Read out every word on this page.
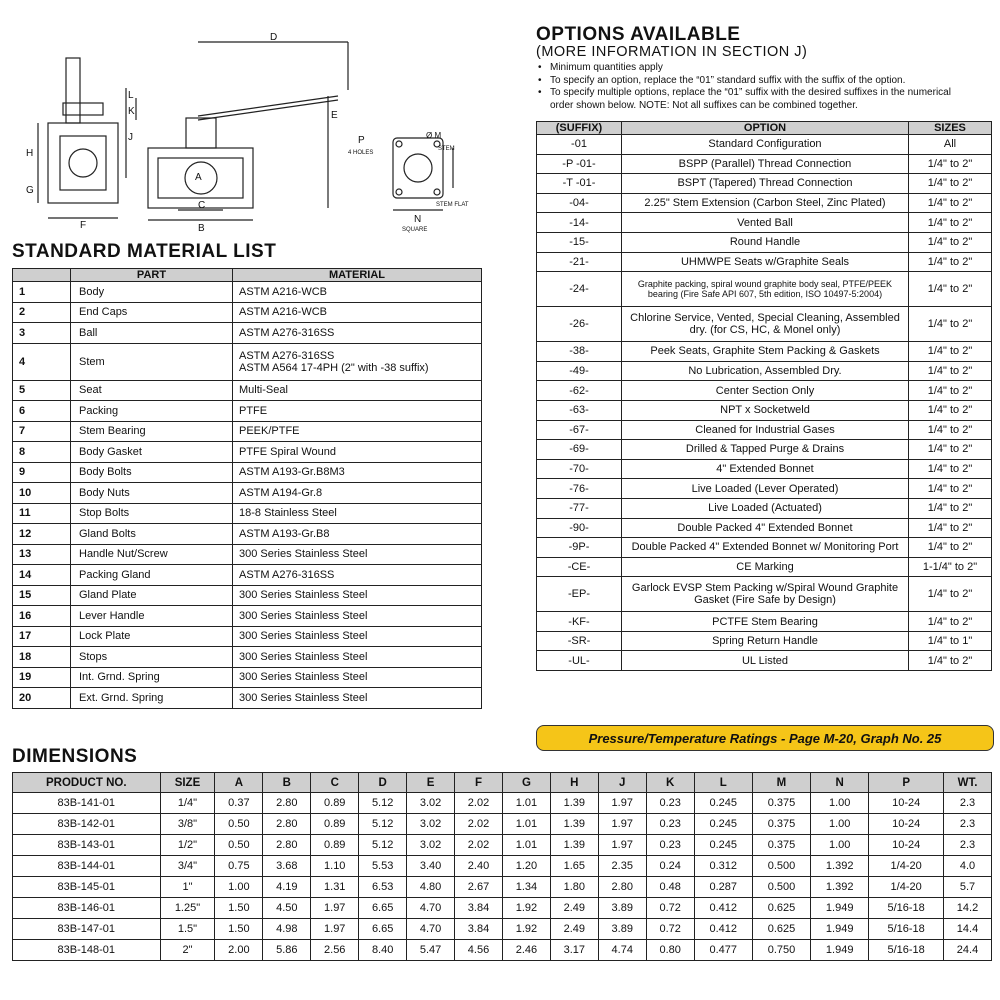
D
E
H
J
K
L
A
B
C
F
G
P
N
4 HOLES
STEM
STEM FLAT
SQUARE
Ø M
STANDARD MATERIAL LIST
	PART	MATERIAL
1	Body	ASTM A216-WCB
2	End Caps	ASTM A216-WCB
3	Ball	ASTM A276-316SS
4	Stem	ASTM A276-316SS
ASTM A564 17-4PH (2" with -38 suffix)

5	Seat	Multi-Seal
6	Packing	PTFE
7	Stem Bearing	PEEK/PTFE
8	Body Gasket	PTFE Spiral Wound
9	Body Bolts	ASTM A193-Gr.B8M3
10	Body Nuts	ASTM A194-Gr.8
11	Stop Bolts	18-8 Stainless Steel
12	Gland Bolts	ASTM A193-Gr.B8
13	Handle Nut/Screw	300 Series Stainless Steel
14	Packing Gland	ASTM A276-316SS
15	Gland Plate	300 Series Stainless Steel
16	Lever Handle	300 Series Stainless Steel
17	Lock Plate	300 Series Stainless Steel
18	Stops	300 Series Stainless Steel
19	Int. Grnd. Spring	300 Series Stainless Steel
20	Ext. Grnd. Spring	300 Series Stainless Steel
OPTIONS AVAILABLE
(MORE INFORMATION IN SECTION J)
• Minimum quantities apply
• To specify an option, replace the “01” standard suffix with the suffix of the option.
• To specify multiple options, replace the “01” suffix with the desired suffixes in the numerical order shown below. NOTE: Not all suffixes can be combined together.
(SUFFIX)	OPTION	SIZES
-01	Standard Configuration	All
-P -01-	BSPP (Parallel) Thread Connection	1/4" to 2"
-T -01-	BSPT (Tapered) Thread Connection	1/4" to 2"
-04-	2.25" Stem Extension (Carbon Steel, Zinc Plated)	1/4" to 2"
-14-	Vented Ball	1/4" to 2"
-15-	Round Handle	1/4" to 2"
-21-	UHMWPE Seats w/Graphite Seals	1/4" to 2"
-24-	Graphite packing, spiral wound graphite body seal, PTFE/PEEK bearing (Fire Safe API 607, 5th edition, ISO 10497-5:2004)	1/4" to 2"
-26-	Chlorine Service, Vented, Special Cleaning, Assembled dry. (for CS, HC, & Monel only)	1/4" to 2"
-38-	Peek Seats, Graphite Stem Packing & Gaskets	1/4" to 2"
-49-	No Lubrication, Assembled Dry.	1/4" to 2"
-62-	Center Section Only	1/4" to 2"
-63-	NPT x Socketweld	1/4" to 2"
-67-	Cleaned for Industrial Gases	1/4" to 2"
-69-	Drilled & Tapped Purge & Drains	1/4" to 2"
-70-	4" Extended Bonnet	1/4" to 2"
-76-	Live Loaded (Lever Operated)	1/4" to 2"
-77-	Live Loaded (Actuated)	1/4" to 2"
-90-	Double Packed 4" Extended Bonnet	1/4" to 2"
-9P-	Double Packed 4" Extended Bonnet w/ Monitoring Port	1/4" to 2"
-CE-	CE Marking	1-1/4" to 2"
-EP-	Garlock EVSP Stem Packing w/Spiral Wound Graphite Gasket (Fire Safe by Design)	1/4" to 2"
-KF-	PCTFE Stem Bearing	1/4" to 2"
-SR-	Spring Return Handle	1/4" to 1"
-UL-	UL Listed	1/4" to 2"
Pressure/Temperature Ratings - Page M-20, Graph No. 25
DIMENSIONS
PRODUCT NO.	SIZE	A	B	C	D	E	F	G	H	J	K	L	M	N	P	WT.
83B-141-01	1/4"	0.37	2.80	0.89	5.12	3.02	2.02	1.01	1.39	1.97	0.23	0.245	0.375	1.00	10-24	2.3
83B-142-01	3/8"	0.50	2.80	0.89	5.12	3.02	2.02	1.01	1.39	1.97	0.23	0.245	0.375	1.00	10-24	2.3
83B-143-01	1/2"	0.50	2.80	0.89	5.12	3.02	2.02	1.01	1.39	1.97	0.23	0.245	0.375	1.00	10-24	2.3
83B-144-01	3/4"	0.75	3.68	1.10	5.53	3.40	2.40	1.20	1.65	2.35	0.24	0.312	0.500	1.392	1/4-20	4.0
83B-145-01	1"	1.00	4.19	1.31	6.53	4.80	2.67	1.34	1.80	2.80	0.48	0.287	0.500	1.392	1/4-20	5.7
83B-146-01	1.25"	1.50	4.50	1.97	6.65	4.70	3.84	1.92	2.49	3.89	0.72	0.412	0.625	1.949	5/16-18	14.2
83B-147-01	1.5"	1.50	4.98	1.97	6.65	4.70	3.84	1.92	2.49	3.89	0.72	0.412	0.625	1.949	5/16-18	14.4
83B-148-01	2"	2.00	5.86	2.56	8.40	5.47	4.56	2.46	3.17	4.74	0.80	0.477	0.750	1.949	5/16-18	24.4
